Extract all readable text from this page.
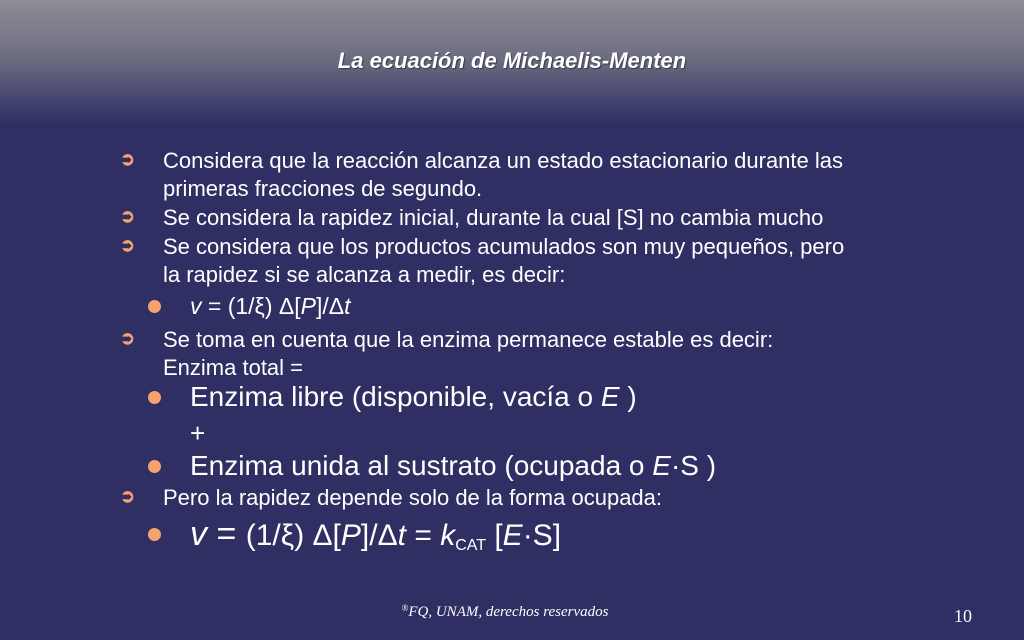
La ecuación de Michaelis-Menten
➲ Considera que la reacción alcanza un estado estacionario durante las
primeras fracciones de segundo.
➲ Se considera la rapidez inicial, durante la cual [S] no cambia mucho
➲ Se considera que los productos acumulados son muy pequeños, pero
la rapidez si se alcanza a medir, es decir:
v = (1/ξ) Δ[P]/Δt
➲ Se toma en cuenta que la enzima permanece estable es decir:
Enzima total =
Enzima libre (disponible, vacía o E )
+
Enzima unida al sustrato (ocupada o E·S )
➲ Pero la rapidez depende solo de la forma ocupada:
v = (1/ξ) $\Delta[P]/\Delta t = k_{CAT}$ [E·S]
®FQ, UNAM, derechos reservados	10
